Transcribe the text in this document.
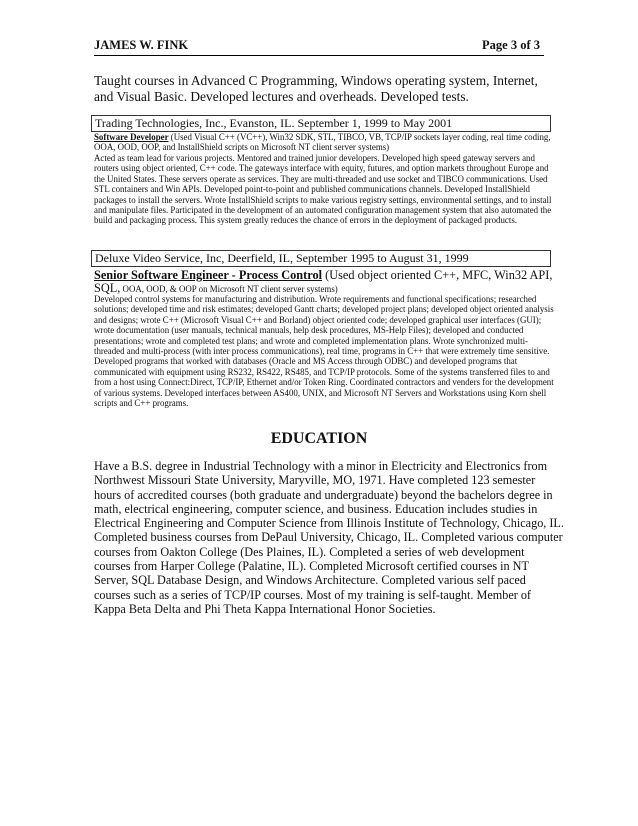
JAMES W. FINK	Page 3 of 3
Taught courses in Advanced C Programming, Windows operating system, Internet, and Visual Basic. Developed lectures and overheads. Developed tests.
Trading Technologies, Inc., Evanston, IL. September 1, 1999 to May 2001
Software Developer (Used Visual C++ (VC++), Win32 SDK, STL, TIBCO, VB, TCP/IP sockets layer coding, real time coding, OOA, OOD, OOP, and InstallShield scripts on Microsoft NT client server systems)
Acted as team lead for various projects. Mentored and trained junior developers. Developed high speed gateway servers and routers using object oriented, C++ code. The gateways interface with equity, futures, and option markets throughout Europe and the United States. These servers operate as services. They are multi-threaded and use socket and TIBCO communications. Used STL containers and Win APIs. Developed point-to-point and published communications channels. Developed InstallShield packages to install the servers. Wrote InstallShield scripts to make various registry settings, environmental settings, and to install and manipulate files. Participated in the development of an automated configuration management system that also automated the build and packaging process. This system greatly reduces the chance of errors in the deployment of packaged products.
Deluxe Video Service, Inc, Deerfield, IL, September 1995 to August 31, 1999
Senior Software Engineer - Process Control (Used object oriented C++, MFC, Win32 API,
SQL, OOA, OOD, & OOP on Microsoft NT client server systems)
Developed control systems for manufacturing and distribution. Wrote requirements and functional specifications; researched solutions; developed time and risk estimates; developed Gantt charts; developed project plans; developed object oriented analysis and designs; wrote C++ (Microsoft Visual C++ and Borland) object oriented code; developed graphical user interfaces (GUI); wrote documentation (user manuals, technical manuals, help desk procedures, MS-Help Files); developed and conducted presentations; wrote and completed test plans; and wrote and completed implementation plans. Wrote synchronized multi-threaded and multi-process (with inter process communications), real time, programs in C++ that were extremely time sensitive. Developed programs that worked with databases (Oracle and MS Access through ODBC) and developed programs that communicated with equipment using RS232, RS422, RS485, and TCP/IP protocols. Some of the systems transferred files to and from a host using Connect:Direct, TCP/IP, Ethernet and/or Token Ring. Coordinated contractors and venders for the development of various systems. Developed interfaces between AS400, UNIX, and Microsoft NT Servers and Workstations using Korn shell scripts and C++ programs.
EDUCATION
Have a B.S. degree in Industrial Technology with a minor in Electricity and Electronics from Northwest Missouri State University, Maryville, MO, 1971. Have completed 123 semester hours of accredited courses (both graduate and undergraduate) beyond the bachelors degree in math, electrical engineering, computer science, and business. Education includes studies in Electrical Engineering and Computer Science from Illinois Institute of Technology, Chicago, IL. Completed business courses from DePaul University, Chicago, IL. Completed various computer courses from Oakton College (Des Plaines, IL). Completed a series of web development courses from Harper College (Palatine, IL). Completed Microsoft certified courses in NT Server, SQL Database Design, and Windows Architecture. Completed various self paced courses such as a series of TCP/IP courses. Most of my training is self-taught. Member of Kappa Beta Delta and Phi Theta Kappa International Honor Societies.
